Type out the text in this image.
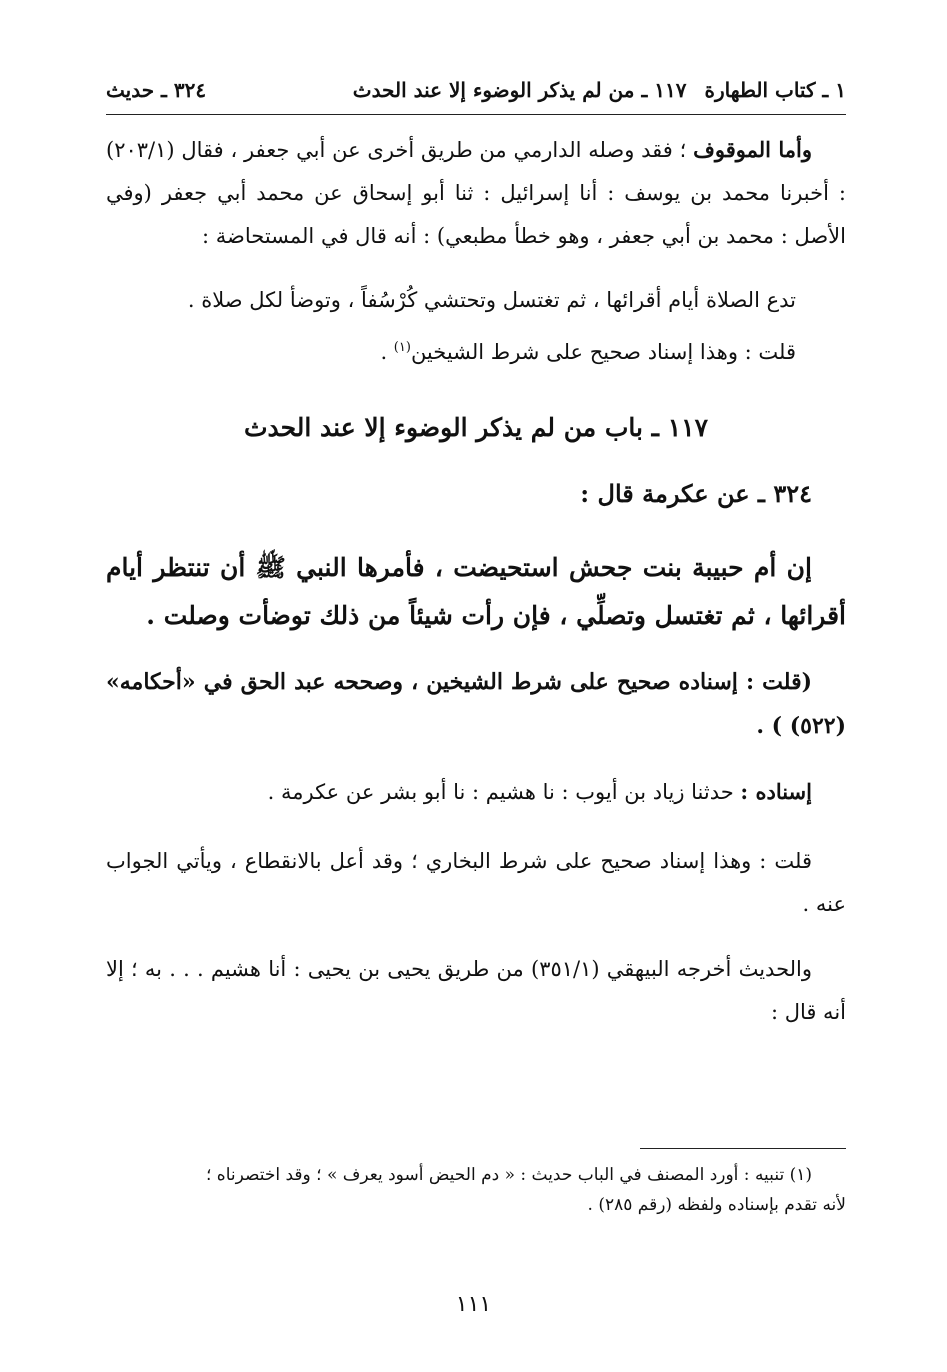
١ ـ كتاب الطهارة١١٧ ـ من لم يذكر الوضوء إلا عند الحدث
٣٢٤ ـ حديث

وأما الموقوف ؛ فقد وصله الدارمي من طريق أخرى عن أبي جعفر ، فقال (٢٠٣/١) : أخبرنا محمد بن يوسف : أنا إسرائيل : ثنا أبو إسحاق عن محمد أبي جعفر (وفي الأصل : محمد بن أبي جعفر ، وهو خطأ مطبعي) : أنه قال في المستحاضة :

تدع الصلاة أيام أقرائها ، ثم تغتسل وتحتشي كُرْسُفاً ، وتوضأ لكل صلاة .

قلت : وهذا إسناد صحيح على شرط الشيخين$^{(١)}$ .

١١٧ ـ باب من لم يذكر الوضوء إلا عند الحدث

٣٢٤ ـ عن عكرمة قال :

إن أم حبيبة بنت جحش استحيضت ، فأمرها النبي ﷺ أن تنتظر أيام أقرائها ، ثم تغتسل وتصلِّي ، فإن رأت شيئاً من ذلك توضأت وصلت .

(قلت : إسناده صحيح على شرط الشيخين ، وصححه عبد الحق في «أحكامه» (٥٢٢) ) .

إسناده : حدثنا زياد بن أيوب : نا هشيم : نا أبو بشر عن عكرمة .

قلت : وهذا إسناد صحيح على شرط البخاري ؛ وقد أعل بالانقطاع ، ويأتي الجواب عنه .

والحديث أخرجه البيهقي (٣٥١/١) من طريق يحيى بن يحيى : أنا هشيم . . . به ؛ إلا أنه قال :

(١) تنبيه : أورد المصنف في الباب حديث : « دم الحيض أسود يعرف » ؛ وقد اختصرناه ؛

لأنه تقدم بإسناده ولفظه (رقم ٢٨٥) .

١١١
